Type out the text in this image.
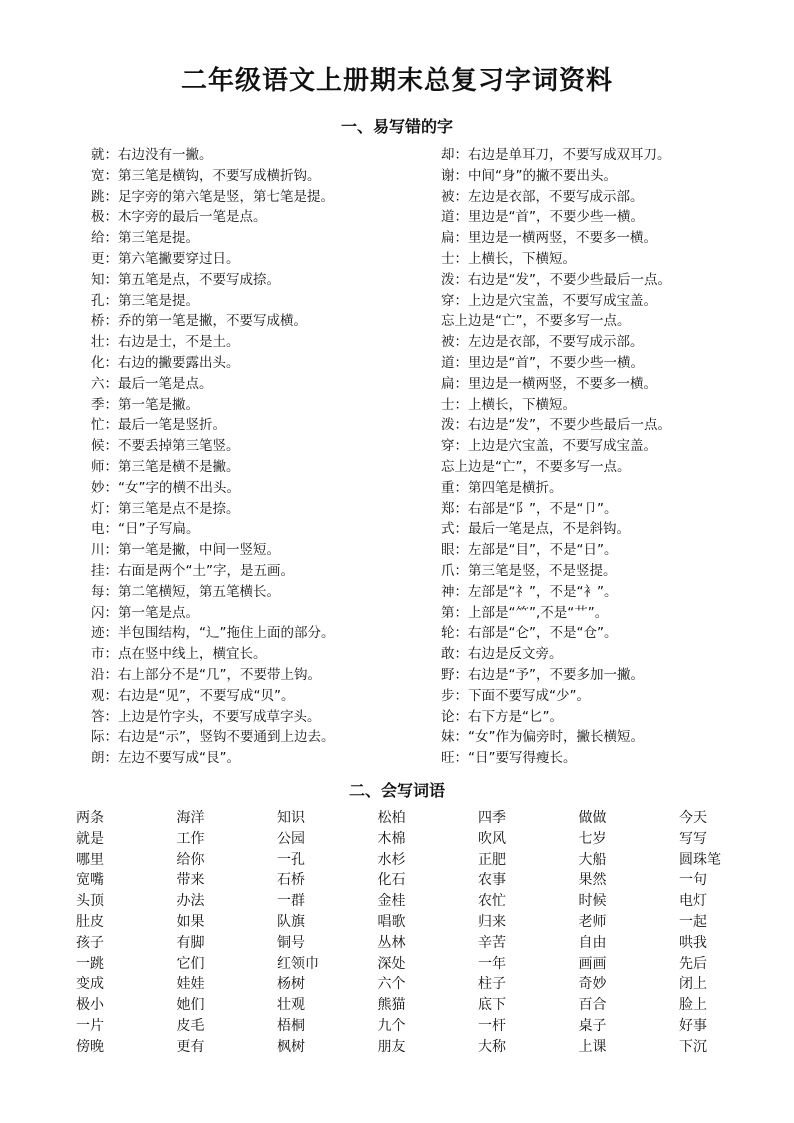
二年级语文上册期末总复习字词资料
一、易写错的字
就：右边没有一撇。
宽：第三笔是横钩，不要写成横折钩。
跳：足字旁的第六笔是竖，第七笔是提。
极：木字旁的最后一笔是点。
给：第三笔是提。
更：第六笔撇要穿过日。
知：第五笔是点，不要写成捺。
孔：第三笔是提。
桥：乔的第一笔是撇，不要写成横。
壮：右边是士，不是土。
化：右边的撇要露出头。
六：最后一笔是点。
季：第一笔是撇。
忙：最后一笔是竖折。
候：不要丢掉第三笔竖。
师：第三笔是横不是撇。
妙：“女”字的横不出头。
灯：第三笔是点不是捺。
电：“日”子写扁。
川：第一笔是撇，中间一竖短。
挂：右面是两个“土”字，是五画。
每：第二笔横短，第五笔横长。
闪：第一笔是点。
迹：半包围结构，“辶”拖住上面的部分。
市：点在竖中线上，横宜长。
沿：右上部分不是“几”，不要带上钩。
观：右边是“见”，不要写成“贝”。
答：上边是竹字头，不要写成草字头。
际：右边是“示”，竖钩不要通到上边去。
朗：左边不要写成“艮”。
却：右边是单耳刀，不要写成双耳刀。
谢：中间“身”的撇不要出头。
被：左边是衣部，不要写成示部。
道：里边是“首”，不要少些一横。
扁：里边是一横两竖，不要多一横。
士：上横长，下横短。
泼：右边是“发”，不要少些最后一点。
穿：上边是穴宝盖，不要写成宝盖。
忘上边是“亡”，不要多写一点。
被：左边是衣部，不要写成示部。
道：里边是“首”，不要少些一横。
扁：里边是一横两竖，不要多一横。
士：上横长，下横短。
泼：右边是“发”，不要少些最后一点。
穿：上边是穴宝盖，不要写成宝盖。
忘上边是“亡”，不要多写一点。
重：第四笔是横折。
郑：右部是“阝”，不是“卩”。
式：最后一笔是点，不是斜钩。
眼：左部是“目”，不是“日”。
爪：第三笔是竖，不是竖提。
神：左部是“礻”，不是“衤”。
第：上部是“⺮”,不是“艹”。
轮：右部是“仑”，不是“仓”。
敢：右边是反文旁。
野：右边是“予”，不要多加一撇。
步：下面不要写成“少”。
论：右下方是“匕”。
妹：“女”作为偏旁时，撇长横短。
旺：“日”要写得瘦长。
二、会写词语
两条	海洋	知识	松柏	四季	做做	今天
就是	工作	公园	木棉	吹风	七岁	写写
哪里	给你	一孔	水杉	正肥	大船	圆珠笔
宽嘴	带来	石桥	化石	农事	果然	一句
头顶	办法	一群	金桂	农忙	时候	电灯
肚皮	如果	队旗	唱歌	归来	老师	一起
孩子	有脚	铜号	丛林	辛苦	自由	哄我
一跳	它们	红领巾	深处	一年	画画	先后
变成	娃娃	杨树	六个	柱子	奇妙	闭上
极小	她们	壮观	熊猫	底下	百合	脸上
一片	皮毛	梧桐	九个	一杆	桌子	好事
傍晚	更有	枫树	朋友	大称	上课	下沉
